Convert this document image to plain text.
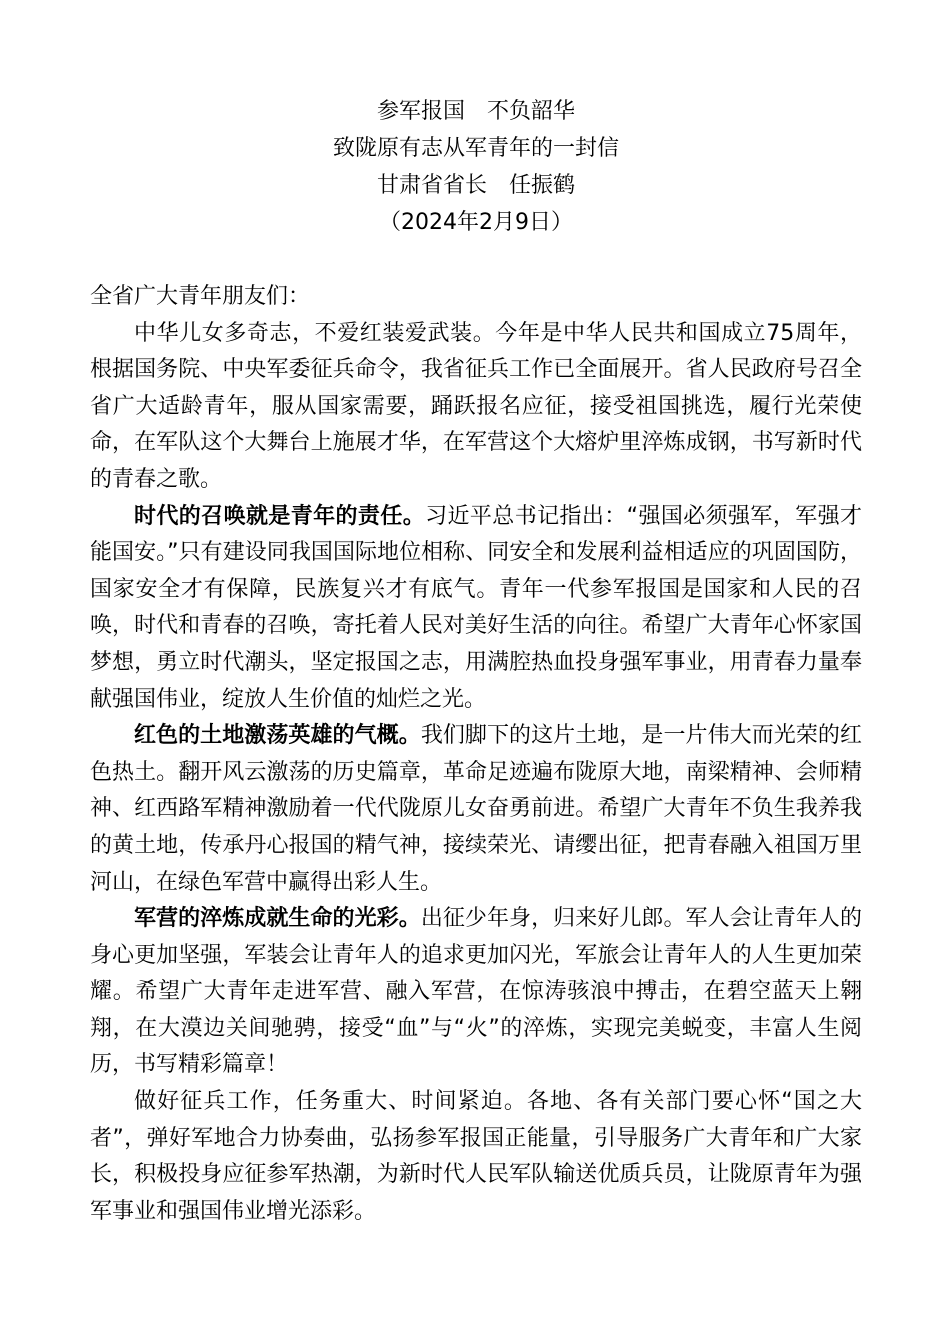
参军报国　不负韶华
致陇原有志从军青年的一封信
甘肃省省长　任振鹤
（2024年2月9日）

全省广大青年朋友们：

中华儿女多奇志，不爱红装爱武装。今年是中华人民共和国成立75周年，根据国务院、中央军委征兵命令，我省征兵工作已全面展开。省人民政府号召全省广大适龄青年，服从国家需要，踊跃报名应征，接受祖国挑选，履行光荣使命，在军队这个大舞台上施展才华，在军营这个大熔炉里淬炼成钢，书写新时代的青春之歌。

时代的召唤就是青年的责任。习近平总书记指出：“强国必须强军，军强才能国安。”只有建设同我国国际地位相称、同安全和发展利益相适应的巩固国防，国家安全才有保障，民族复兴才有底气。青年一代参军报国是国家和人民的召唤，时代和青春的召唤，寄托着人民对美好生活的向往。希望广大青年心怀家国梦想，勇立时代潮头，坚定报国之志，用满腔热血投身强军事业，用青春力量奉献强国伟业，绽放人生价值的灿烂之光。

红色的土地激荡英雄的气概。我们脚下的这片土地，是一片伟大而光荣的红色热土。翻开风云激荡的历史篇章，革命足迹遍布陇原大地，南梁精神、会师精神、红西路军精神激励着一代代陇原儿女奋勇前进。希望广大青年不负生我养我的黄土地，传承丹心报国的精气神，接续荣光、请缨出征，把青春融入祖国万里河山，在绿色军营中赢得出彩人生。

军营的淬炼成就生命的光彩。出征少年身，归来好儿郎。军人会让青年人的身心更加坚强，军装会让青年人的追求更加闪光，军旅会让青年人的人生更加荣耀。希望广大青年走进军营、融入军营，在惊涛骇浪中搏击，在碧空蓝天上翱翔，在大漠边关间驰骋，接受“血”与“火”的淬炼，实现完美蜕变，丰富人生阅历，书写精彩篇章！

做好征兵工作，任务重大、时间紧迫。各地、各有关部门要心怀“国之大者”，弹好军地合力协奏曲，弘扬参军报国正能量，引导服务广大青年和广大家长，积极投身应征参军热潮，为新时代人民军队输送优质兵员，让陇原青年为强军事业和强国伟业增光添彩。
